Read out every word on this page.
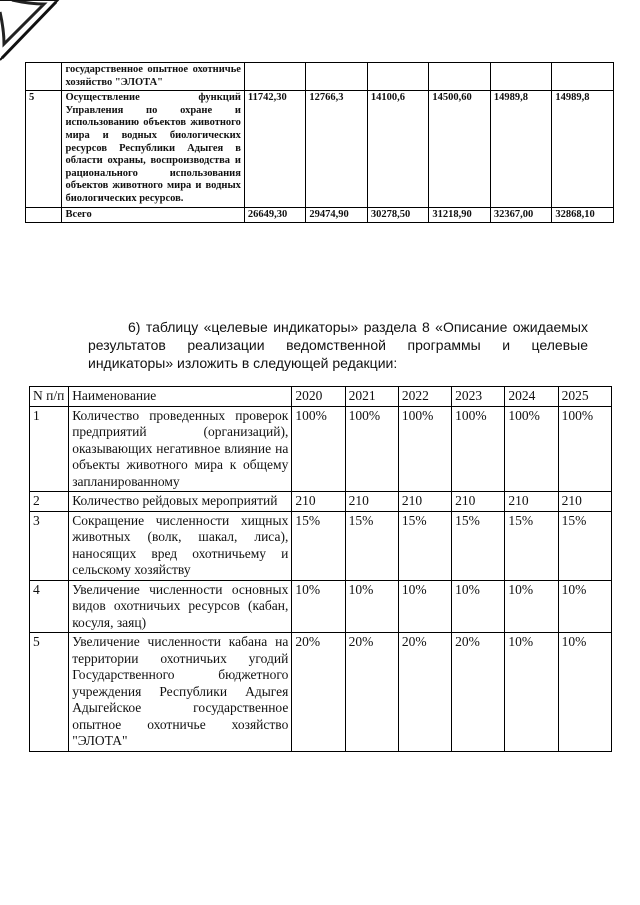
	государственное опытное охотничье хозяйство "ЭЛОТА"						
5	Осуществление функций Управления по охране и использованию объектов животного мира и водных биологических ресурсов Республики Адыгея в области охраны, воспроизводства и рационального использования объектов животного мира и водных биологических ресурсов.	11742,30	12766,3	14100,6	14500,60	14989,8	14989,8
	Всего	26649,30	29474,90	30278,50	31218,90	32367,00	32868,10
6) таблицу «целевые индикаторы» раздела 8 «Описание ожидаемых результатов реализации ведомственной программы и целевые индикаторы» изложить в следующей редакции:
N п/п	Наименование	2020	2021	2022	2023	2024	2025
1	Количество проведенных проверок предприятий (организаций), оказывающих негативное влияние на объекты животного мира к общему запланированному	100%	100%	100%	100%	100%	100%
2	Количество рейдовых мероприятий	210	210	210	210	210	210
3	Сокращение численности хищных животных (волк, шакал, лиса), наносящих вред охотничьему и сельскому хозяйству	15%	15%	15%	15%	15%	15%
4	Увеличение численности основных видов охотничьих ресурсов (кабан, косуля, заяц)	10%	10%	10%	10%	10%	10%
5	Увеличение численности кабана на территории охотничьих угодий Государственного бюджетного учреждения Республики Адыгея Адыгейское государственное опытное охотничье хозяйство "ЭЛОТА"	20%	20%	20%	20%	10%	10%
